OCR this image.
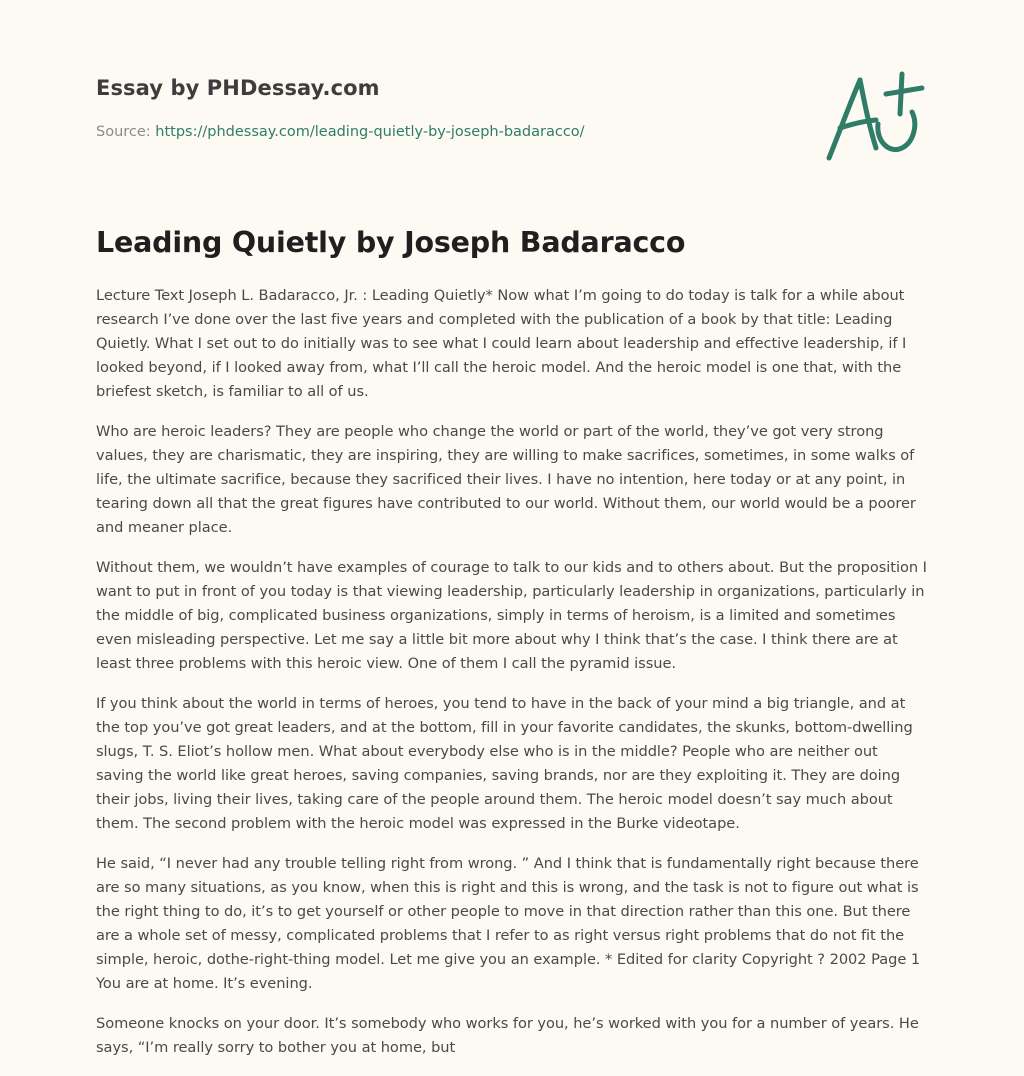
Essay by PHDessay.com
Source: https://phdessay.com/leading-quietly-by-joseph-badaracco/
Leading Quietly by Joseph Badaracco

Lecture Text Joseph L. Badaracco, Jr. : Leading Quietly* Now what I’m going to do today is talk for a while about research I’ve done over the last five years and completed with the publication of a book by that title: Leading Quietly. What I set out to do initially was to see what I could learn about leadership and effective leadership, if I looked beyond, if I looked away from, what I’ll call the heroic model. And the heroic model is one that, with the briefest sketch, is familiar to all of us.

Who are heroic leaders? They are people who change the world or part of the world, they’ve got very strong values, they are charismatic, they are inspiring, they are willing to make sacrifices, sometimes, in some walks of life, the ultimate sacrifice, because they sacrificed their lives. I have no intention, here today or at any point, in tearing down all that the great figures have contributed to our world. Without them, our world would be a poorer and meaner place.

Without them, we wouldn’t have examples of courage to talk to our kids and to others about. But the proposition I want to put in front of you today is that viewing leadership, particularly leadership in organizations, particularly in the middle of big, complicated business organizations, simply in terms of heroism, is a limited and sometimes even misleading perspective. Let me say a little bit more about why I think that’s the case. I think there are at least three problems with this heroic view. One of them I call the pyramid issue.

If you think about the world in terms of heroes, you tend to have in the back of your mind a big triangle, and at the top you’ve got great leaders, and at the bottom, fill in your favorite candidates, the skunks, bottom-dwelling slugs, T. S. Eliot’s hollow men. What about everybody else who is in the middle? People who are neither out saving the world like great heroes, saving companies, saving brands, nor are they exploiting it. They are doing their jobs, living their lives, taking care of the people around them. The heroic model doesn’t say much about them. The second problem with the heroic model was expressed in the Burke videotape.

He said, “I never had any trouble telling right from wrong. ” And I think that is fundamentally right because there are so many situations, as you know, when this is right and this is wrong, and the task is not to figure out what is the right thing to do, it’s to get yourself or other people to move in that direction rather than this one. But there are a whole set of messy, complicated problems that I refer to as right versus right problems that do not fit the simple, heroic, dothe-right-thing model. Let me give you an example. * Edited for clarity Copyright ? 2002 Page 1 You are at home. It’s evening.

Someone knocks on your door. It’s somebody who works for you, he’s worked with you for a number of years. He says, “I’m really sorry to bother you at home, but
